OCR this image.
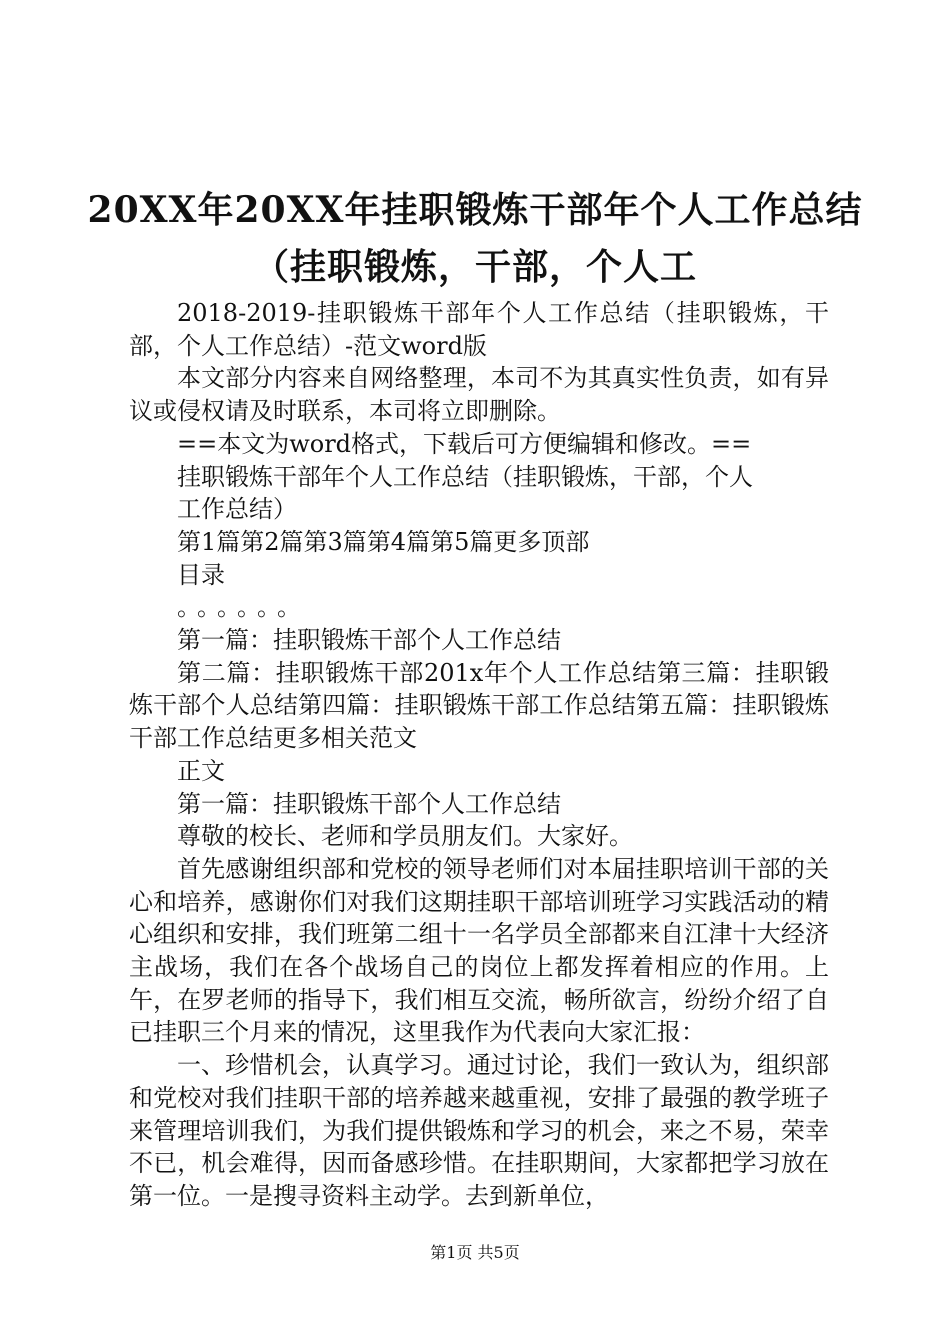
20XX年20XX年挂职锻炼干部年个人工作总结
（挂职锻炼，干部，个人工

2018-2019-挂职锻炼干部年个人工作总结（挂职锻炼，干部，个人工作总结）-范文word版

本文部分内容来自网络整理，本司不为其真实性负责，如有异议或侵权请及时联系，本司将立即删除。

==本文为word格式，下载后可方便编辑和修改。==

挂职锻炼干部年个人工作总结（挂职锻炼，干部，个人

工作总结）

第1篇第2篇第3篇第4篇第5篇更多顶部

目录

。。。。。。

第一篇：挂职锻炼干部个人工作总结

第二篇：挂职锻炼干部201x年个人工作总结第三篇：挂职锻炼干部个人总结第四篇：挂职锻炼干部工作总结第五篇：挂职锻炼干部工作总结更多相关范文

正文

第一篇：挂职锻炼干部个人工作总结

尊敬的校长、老师和学员朋友们。大家好。

首先感谢组织部和党校的领导老师们对本届挂职培训干部的关心和培养，感谢你们对我们这期挂职干部培训班学习实践活动的精心组织和安排，我们班第二组十一名学员全部都来自江津十大经济主战场，我们在各个战场自己的岗位上都发挥着相应的作用。上午，在罗老师的指导下，我们相互交流，畅所欲言，纷纷介绍了自已挂职三个月来的情况，这里我作为代表向大家汇报：

一、珍惜机会，认真学习。通过讨论，我们一致认为，组织部和党校对我们挂职干部的培养越来越重视，安排了最强的教学班子来管理培训我们，为我们提供锻炼和学习的机会，来之不易，荣幸不已，机会难得，因而备感珍惜。在挂职期间，大家都把学习放在第一位。一是搜寻资料主动学。去到新单位，

第1页 共5页
